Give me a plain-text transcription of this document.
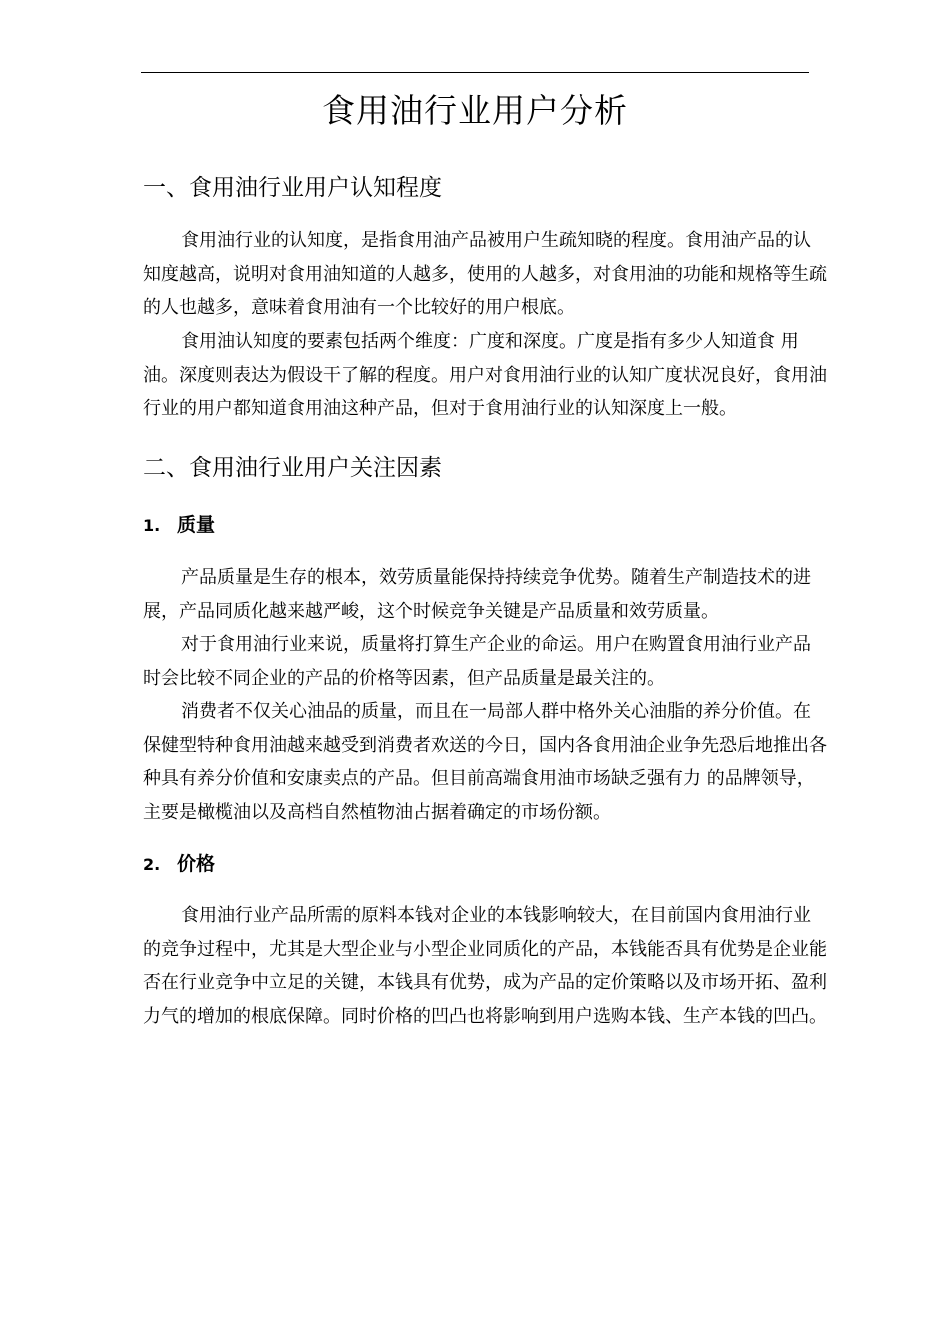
食用油行业用户分析
一、食用油行业用户认知程度

食用油行业的认知度，是指食用油产品被用户生疏知晓的程度。食用油产品的认知度越高，说明对食用油知道的人越多，使用的人越多，对食用油的功能和规格等生疏的人也越多，意味着食用油有一个比较好的用户根底。

食用油认知度的要素包括两个维度：广度和深度。广度是指有多少人知道食 用油。深度则表达为假设干了解的程度。用户对食用油行业的认知广度状况良好，食用油行业的用户都知道食用油这种产品，但对于食用油行业的认知深度上一般。

二、食用油行业用户关注因素
1. 质量

产品质量是生存的根本，效劳质量能保持持续竞争优势。随着生产制造技术的进展，产品同质化越来越严峻，这个时候竞争关键是产品质量和效劳质量。

对于食用油行业来说，质量将打算生产企业的命运。用户在购置食用油行业产品时会比较不同企业的产品的价格等因素，但产品质量是最关注的。

消费者不仅关心油品的质量，而且在一局部人群中格外关心油脂的养分价值。在保健型特种食用油越来越受到消费者欢送的今日，国内各食用油企业争先恐后地推出各种具有养分价值和安康卖点的产品。但目前高端食用油市场缺乏强有力 的品牌领导，主要是橄榄油以及高档自然植物油占据着确定的市场份额。

2. 价格

食用油行业产品所需的原料本钱对企业的本钱影响较大，在目前国内食用油行业的竞争过程中，尤其是大型企业与小型企业同质化的产品，本钱能否具有优势是企业能否在行业竞争中立足的关键，本钱具有优势，成为产品的定价策略以及市场开拓、盈利力气的增加的根底保障。同时价格的凹凸也将影响到用户选购本钱、生产本钱的凹凸。
